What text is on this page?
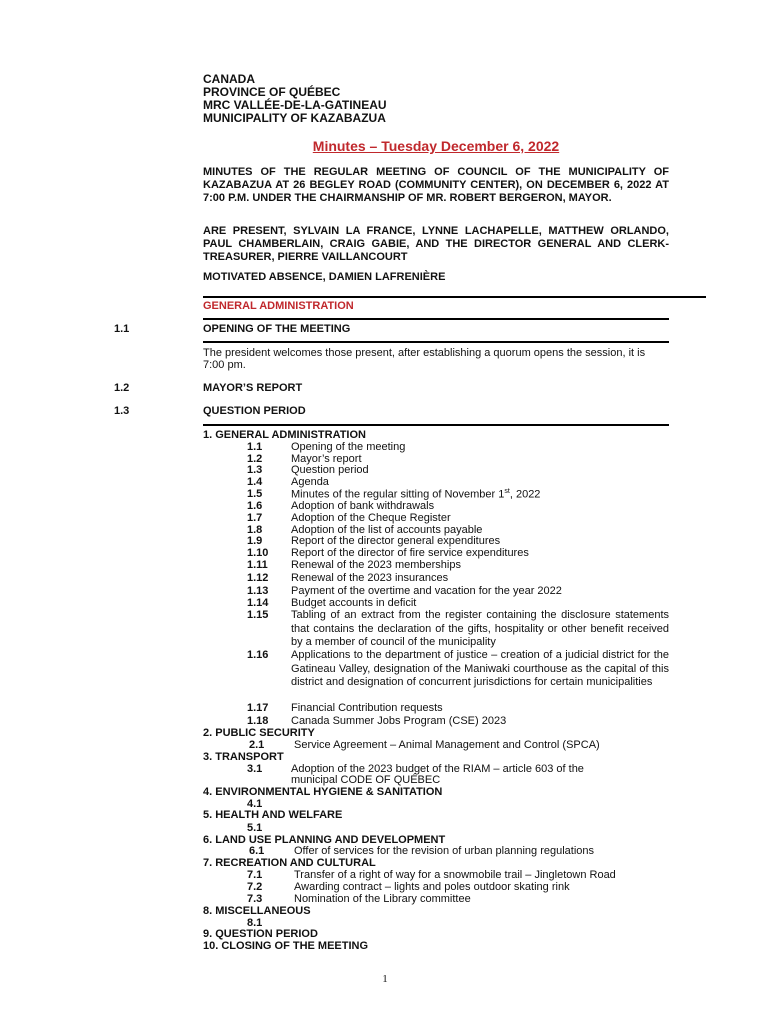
CANADA
PROVINCE OF QUÉBEC
MRC VALLÉE-DE-LA-GATINEAU
MUNICIPALITY OF KAZABAZUA
Minutes – Tuesday December 6, 2022
MINUTES OF THE REGULAR MEETING OF COUNCIL OF THE MUNICIPALITY OF KAZABAZUA AT 26 BEGLEY ROAD (COMMUNITY CENTER), ON DECEMBER 6, 2022 AT 7:00 P.M. UNDER THE CHAIRMANSHIP OF MR. ROBERT BERGERON, MAYOR.
ARE PRESENT, SYLVAIN LA FRANCE, LYNNE LACHAPELLE, MATTHEW ORLANDO, PAUL CHAMBERLAIN, CRAIG GABIE, AND THE DIRECTOR GENERAL AND CLERK-TREASURER, PIERRE VAILLANCOURT
MOTIVATED ABSENCE, DAMIEN LAFRENIÈRE
GENERAL ADMINISTRATION
1.1	OPENING OF THE MEETING
The president welcomes those present, after establishing a quorum opens the session, it is 7:00 pm.
1.2	MAYOR’S REPORT
1.3	QUESTION PERIOD
1. GENERAL ADMINISTRATION
1.1	Opening of the meeting
1.2	Mayor’s report
1.3	Question period
1.4	Agenda
1.5	Minutes of the regular sitting of November 1st, 2022
1.6	Adoption of bank withdrawals
1.7	Adoption of the Cheque Register
1.8	Adoption of the list of accounts payable
1.9	Report of the director general expenditures
1.10 Report of the director of fire service expenditures
1.11 Renewal of the 2023 memberships
1.12 Renewal of the 2023 insurances
1.13 Payment of the overtime and vacation for the year 2022
1.14 Budget accounts in deficit
1.15 Tabling of an extract from the register containing the disclosure statements that contains the declaration of the gifts, hospitality or other benefit received by a member of council of the municipality
1.16 Applications to the department of justice – creation of a judicial district for the Gatineau Valley, designation of the Maniwaki courthouse as the capital of this district and designation of concurrent jurisdictions for certain municipalities
1.17 Financial Contribution requests
1.18 Canada Summer Jobs Program (CSE) 2023
2. PUBLIC SECURITY
2.1	Service Agreement – Animal Management and Control (SPCA)
3. TRANSPORT
3.1	Adoption of the 2023 budget of the RIAM – article 603 of the
municipal CODE OF QUÉBEC
4. ENVIRONMENTAL HYGIENE & SANITATION
4.1
5. HEALTH AND WELFARE
5.1
6. LAND USE PLANNING AND DEVELOPMENT
6.1	Offer of services for the revision of urban planning regulations
7. RECREATION AND CULTURAL
7.1	Transfer of a right of way for a snowmobile trail – Jingletown Road
7.2	Awarding contract – lights and poles outdoor skating rink
7.3	Nomination of the Library committee
8. MISCELLANEOUS
8.1
9. QUESTION PERIOD
10. CLOSING OF THE MEETING
1
